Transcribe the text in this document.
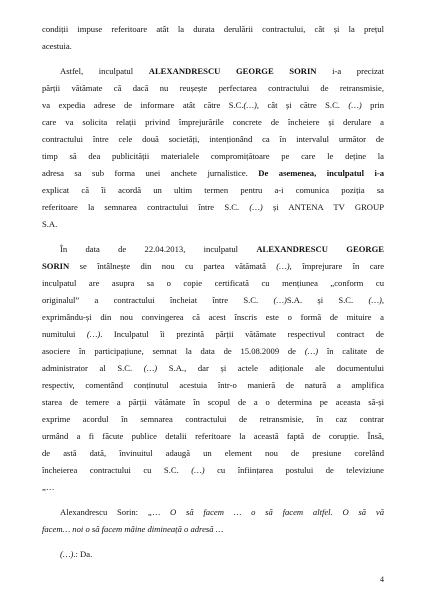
condiții impuse referitoare atât la durata derulării contractului, cât și la prețul
acestuia.
Astfel, inculpatul ALEXANDRESCU GEORGE SORIN i-a precizat
părții vătămate că dacă nu reușește perfectarea contractului de retransmisie,
va expedia adrese de informare atât către S.C.(…), cât și către S.C. (…) prin
care va solicita relații privind împrejurările concrete de încheiere și derulare a
contractului între cele două societăți, intenționând ca în intervalul următor de
timp să dea publicității materialele compromițătoare pe care le deține la
adresa sa sub forma unei anchete jurnalistice. De asemenea, inculpatul i-a
explicat că îi acordă un ultim termen pentru a-i comunica poziția sa
referitoare la semnarea contractului între S.C. (…) și ANTENA TV GROUP
S.A.
În data de 22.04.2013, inculpatul ALEXANDRESCU GEORGE
SORIN se întâlnește din nou cu partea vătămată (…), împrejurare în care
inculpatul are asupra sa o copie certificată cu mențiunea „conform cu
originalul” a contractului încheiat între S.C. (…)S.A. și S.C. (…),
exprimându-și din nou convingerea că acest înscris este o formă de mituire a
numitului (…). Inculpatul îi prezintă părții vătămate respectivul contract de
asociere în participațiune, semnat la data de 15.08.2009 de (…) în calitate de
administrator al S.C. (…) S.A., dar și actele adiționale ale documentului
respectiv, comentând conținutul acestuia într-o manieră de natură a amplifica
starea de temere a părții vătămate în scopul de a o determina pe aceasta să-și
exprime acordul în semnarea contractului de retransmisie, în caz contrar
urmând a fi făcute publice detalii referitoare la această faptă de corupție. Însă,
de astă dată, învinuitul adaugă un element nou de presiune corelând
încheierea contractului cu S.C. (…) cu înființarea postului de televiziune
„…
Alexandrescu Sorin: „… O să facem … o să facem altfel. O să vă
facem… noi o să facem mâine dimineață o adresă …
(…).: Da.
4
